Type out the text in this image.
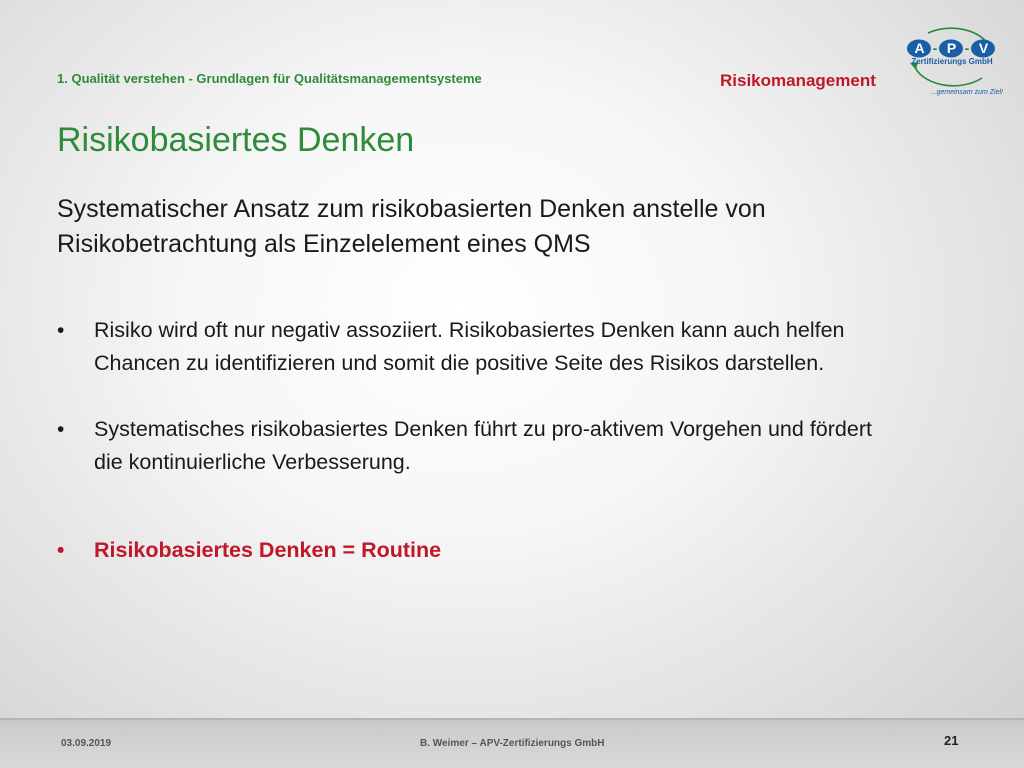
1. Qualität verstehen - Grundlagen für Qualitätsmanagementsysteme	Risikomanagement
A - P - V
Zertifizierungs GmbH
...gemeinsam zum Ziel!
Risikobasiertes Denken
Systematischer Ansatz zum risikobasierten Denken anstelle von Risikobetrachtung als Einzelelement eines QMS
•	Risiko wird oft nur negativ assoziiert. Risikobasiertes Denken kann auch helfen Chancen zu identifizieren und somit die positive Seite des Risikos darstellen.
•	Systematisches risikobasiertes Denken führt zu pro-aktivem Vorgehen und fördert die kontinuierliche Verbesserung.
•	Risikobasiertes Denken = Routine
03.09.2019	B. Weimer – APV-Zertifizierungs GmbH	21
